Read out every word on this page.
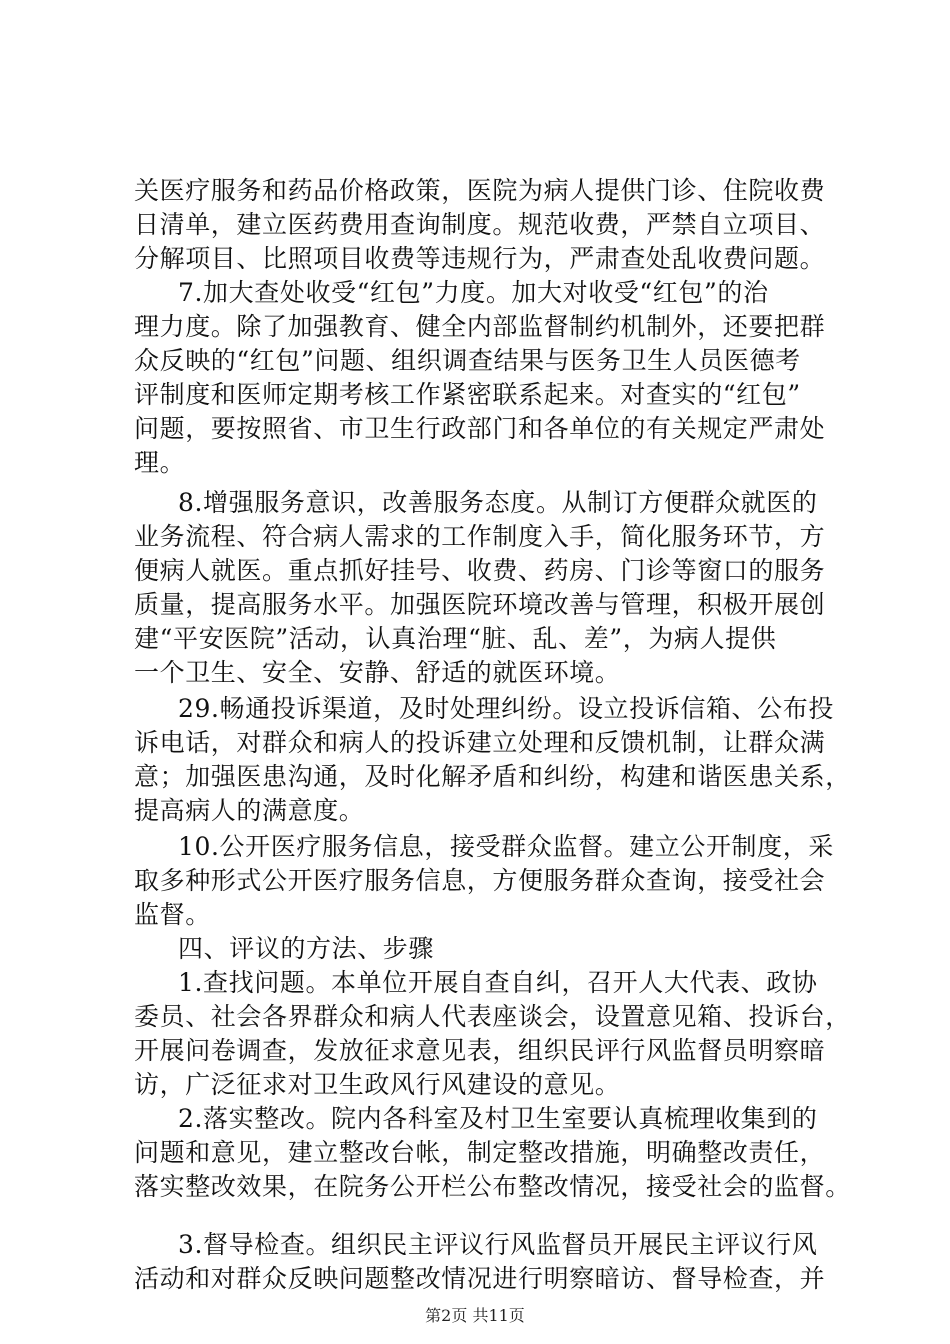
关医疗服务和药品价格政策，医院为病人提供门诊、住院收费
日清单，建立医药费用查询制度。规范收费，严禁自立项目、
分解项目、比照项目收费等违规行为，严肃查处乱收费问题。
7.加大查处收受“红包”力度。加大对收受“红包”的治
理力度。除了加强教育、健全内部监督制约机制外，还要把群
众反映的“红包”问题、组织调查结果与医务卫生人员医德考
评制度和医师定期考核工作紧密联系起来。对查实的“红包”
问题，要按照省、市卫生行政部门和各单位的有关规定严肃处
理。
8.增强服务意识，改善服务态度。从制订方便群众就医的
业务流程、符合病人需求的工作制度入手，简化服务环节，方
便病人就医。重点抓好挂号、收费、药房、门诊等窗口的服务
质量，提高服务水平。加强医院环境改善与管理，积极开展创
建“平安医院”活动，认真治理“脏、乱、差”，为病人提供
一个卫生、安全、安静、舒适的就医环境。
29.畅通投诉渠道，及时处理纠纷。设立投诉信箱、公布投
诉电话，对群众和病人的投诉建立处理和反馈机制，让群众满
意；加强医患沟通，及时化解矛盾和纠纷，构建和谐医患关系，
提高病人的满意度。
10.公开医疗服务信息，接受群众监督。建立公开制度，采
取多种形式公开医疗服务信息，方便服务群众查询，接受社会
监督。
四、评议的方法、步骤
1.查找问题。本单位开展自查自纠，召开人大代表、政协
委员、社会各界群众和病人代表座谈会，设置意见箱、投诉台，
开展问卷调查，发放征求意见表，组织民评行风监督员明察暗
访，广泛征求对卫生政风行风建设的意见。
2.落实整改。院内各科室及村卫生室要认真梳理收集到的
问题和意见，建立整改台帐，制定整改措施，明确整改责任，
落实整改效果，在院务公开栏公布整改情况，接受社会的监督。
第2页 共11页
3.督导检查。组织民主评议行风监督员开展民主评议行风
活动和对群众反映问题整改情况进行明察暗访、督导检查，并
